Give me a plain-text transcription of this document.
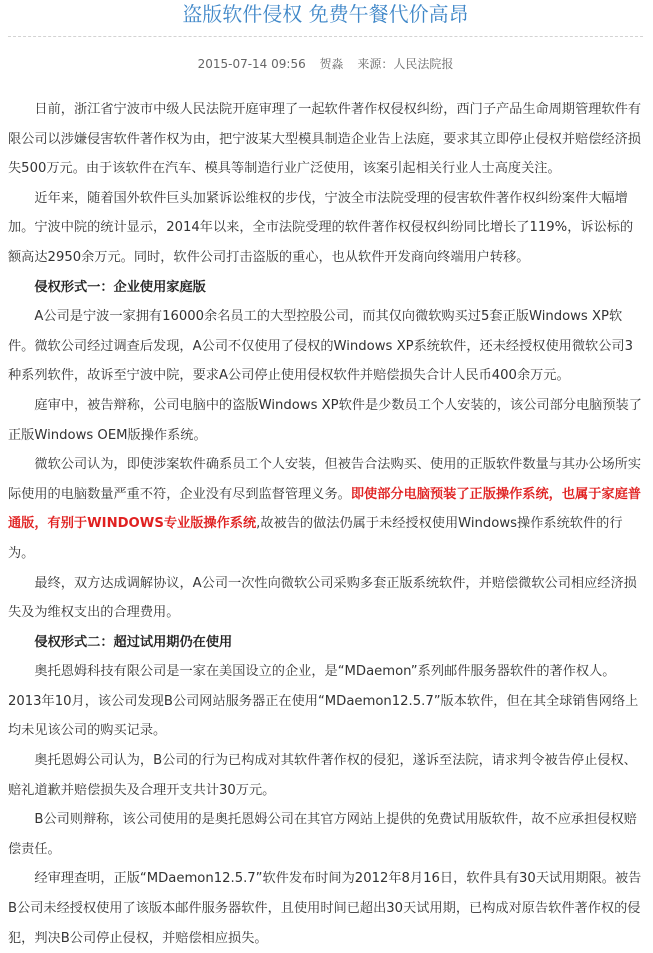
盗版软件侵权 免费午餐代价高昂
2015-07-14 09:56 贺淼 来源：人民法院报

日前，浙江省宁波市中级人民法院开庭审理了一起软件著作权侵权纠纷，西门子产品生命周期管理软件有限公司以涉嫌侵害软件著作权为由，把宁波某大型模具制造企业告上法庭，要求其立即停止侵权并赔偿经济损失500万元。由于该软件在汽车、模具等制造行业广泛使用，该案引起相关行业人士高度关注。

近年来，随着国外软件巨头加紧诉讼维权的步伐，宁波全市法院受理的侵害软件著作权纠纷案件大幅增加。宁波中院的统计显示，2014年以来，全市法院受理的软件著作权侵权纠纷同比增长了119%，诉讼标的额高达2950余万元。同时，软件公司打击盗版的重心，也从软件开发商向终端用户转移。

侵权形式一：企业使用家庭版

A公司是宁波一家拥有16000余名员工的大型控股公司，而其仅向微软购买过5套正版Windows XP软件。微软公司经过调查后发现，A公司不仅使用了侵权的Windows XP系统软件，还未经授权使用微软公司3种系列软件，故诉至宁波中院，要求A公司停止使用侵权软件并赔偿损失合计人民币400余万元。

庭审中，被告辩称，公司电脑中的盗版Windows XP软件是少数员工个人安装的，该公司部分电脑预装了正版Windows OEM版操作系统。

微软公司认为，即使涉案软件确系员工个人安装，但被告合法购买、使用的正版软件数量与其办公场所实际使用的电脑数量严重不符，企业没有尽到监督管理义务。即使部分电脑预装了正版操作系统，也属于家庭普通版，有别于WINDOWS专业版操作系统,故被告的做法仍属于未经授权使用Windows操作系统软件的行为。

最终，双方达成调解协议，A公司一次性向微软公司采购多套正版系统软件，并赔偿微软公司相应经济损失及为维权支出的合理费用。

侵权形式二：超过试用期仍在使用

奥托恩姆科技有限公司是一家在美国设立的企业，是“MDaemon”系列邮件服务器软件的著作权人。2013年10月，该公司发现B公司网站服务器正在使用“MDaemon12.5.7”版本软件，但在其全球销售网络上均未见该公司的购买记录。

奥托恩姆公司认为，B公司的行为已构成对其软件著作权的侵犯，遂诉至法院，请求判令被告停止侵权、赔礼道歉并赔偿损失及合理开支共计30万元。

B公司则辩称，该公司使用的是奥托恩姆公司在其官方网站上提供的免费试用版软件，故不应承担侵权赔偿责任。

经审理查明，正版“MDaemon12.5.7”软件发布时间为2012年8月16日，软件具有30天试用期限。被告B公司未经授权使用了该版本邮件服务器软件，且使用时间已超出30天试用期，已构成对原告软件著作权的侵犯，判决B公司停止侵权，并赔偿相应损失。
